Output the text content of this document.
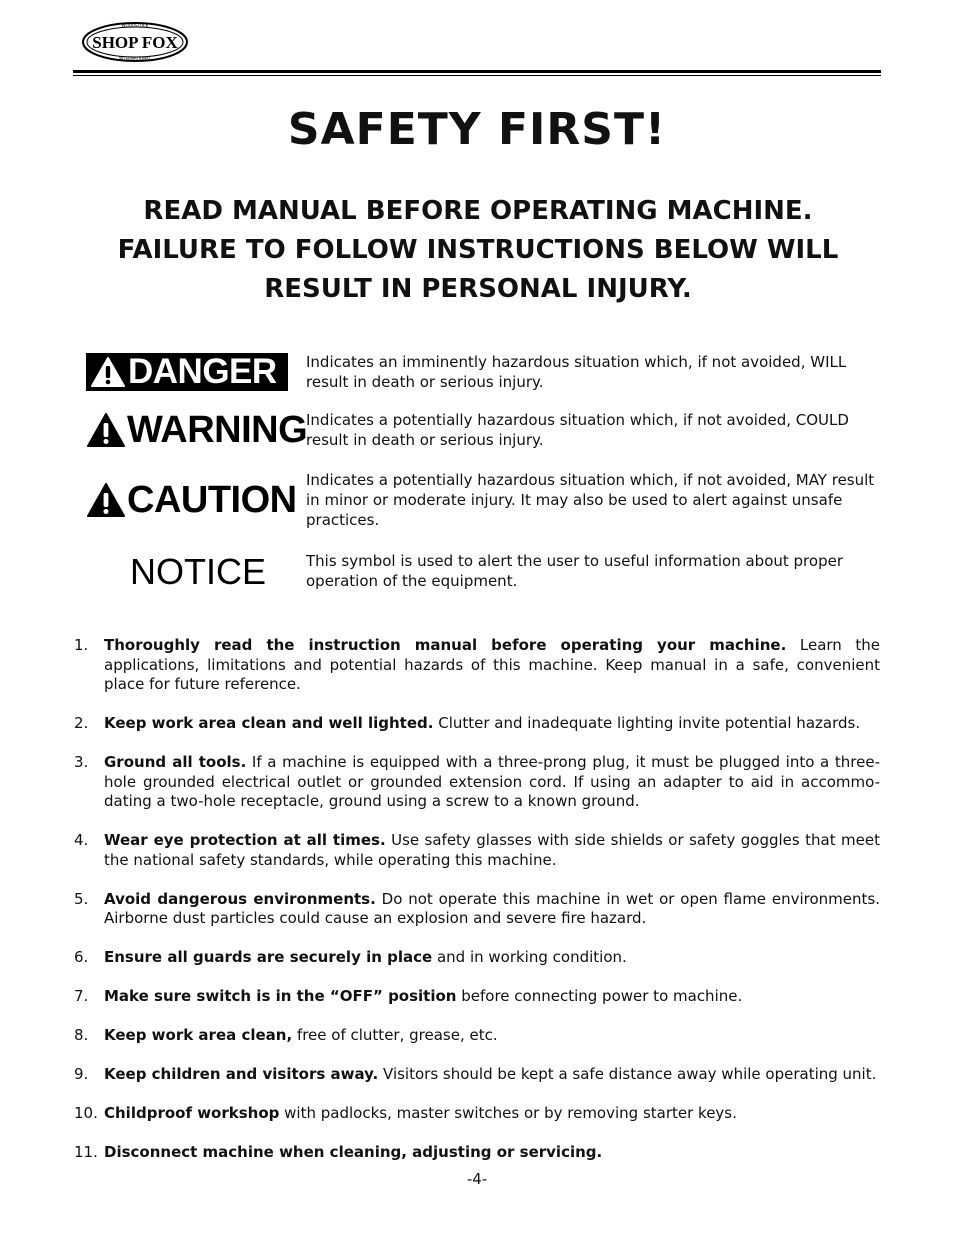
SHOP FOX
WOODSTOCK
INTERNATIONAL
SAFETY FIRST!
READ MANUAL BEFORE OPERATING MACHINE.
FAILURE TO FOLLOW INSTRUCTIONS BELOW WILL
RESULT IN PERSONAL INJURY.
DANGER Indicates an imminently hazardous situation which, if not avoided, WILL result in death or serious injury.
WARNING
Indicates a potentially hazardous situation which, if not avoided, COULD result in death or serious injury.
CAUTION Indicates a potentially hazardous situation which, if not avoided, MAY result in minor or moderate injury. It may also be used to alert against unsafe practices.
NOTICE	This symbol is used to alert the user to useful information about proper operation of the equipment.
1. Thoroughly read the instruction manual before operating your machine. Learn the applications, limitations and potential hazards of this machine. Keep manual in a safe, convenient place for future reference.
2. Keep work area clean and well lighted. Clutter and inadequate lighting invite potential hazards.
3. Ground all tools. If a machine is equipped with a three-prong plug, it must be plugged into a three-hole grounded electrical outlet or grounded extension cord. If using an adapter to aid in accommo-dating a two-hole receptacle, ground using a screw to a known ground.
4. Wear eye protection at all times. Use safety glasses with side shields or safety goggles that meet the national safety standards, while operating this machine.
5. Avoid dangerous environments. Do not operate this machine in wet or open flame environments. Airborne dust particles could cause an explosion and severe fire hazard.
6. Ensure all guards are securely in place and in working condition.
7. Make sure switch is in the “OFF” position before connecting power to machine.
8. Keep work area clean, free of clutter, grease, etc.
9. Keep children and visitors away. Visitors should be kept a safe distance away while operating unit.
10. Childproof workshop with padlocks, master switches or by removing starter keys.
11. Disconnect machine when cleaning, adjusting or servicing.
-4-
